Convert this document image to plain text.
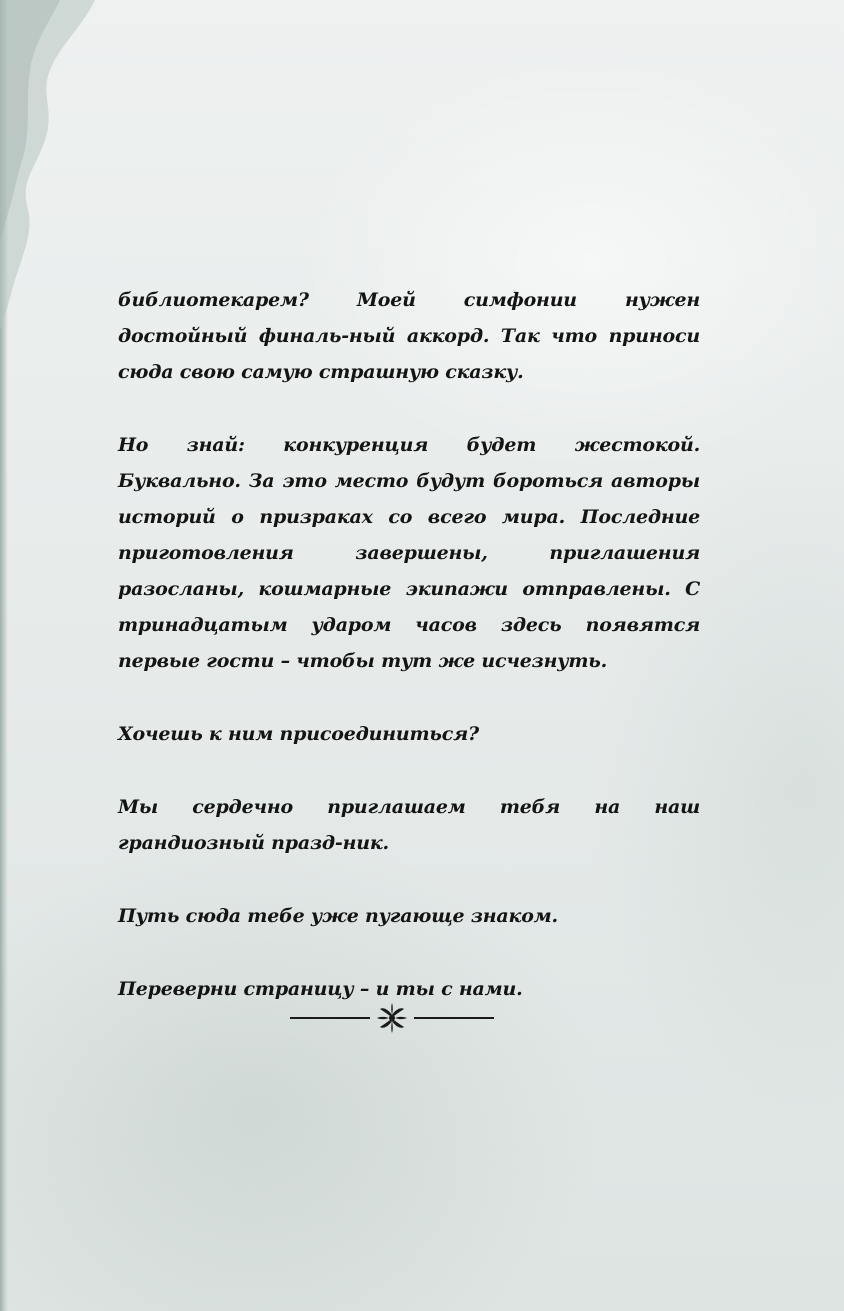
библиотекарем? Моей симфонии нужен достойный финаль-ный аккорд. Так что приноси сюда свою самую страшную сказку.

Но знай: конкуренция будет жестокой. Буквально. За это место будут бороться авторы историй о призраках со всего мира. Последние приготовления завершены, приглашения разосланы, кошмарные экипажи отправлены. С тринадцатым ударом часов здесь появятся первые гости – чтобы тут же исчезнуть.

Хочешь к ним присоединиться?

Мы сердечно приглашаем тебя на наш грандиозный празд-ник.

Путь сюда тебе уже пугающе знаком.

Переверни страницу – и ты с нами.
